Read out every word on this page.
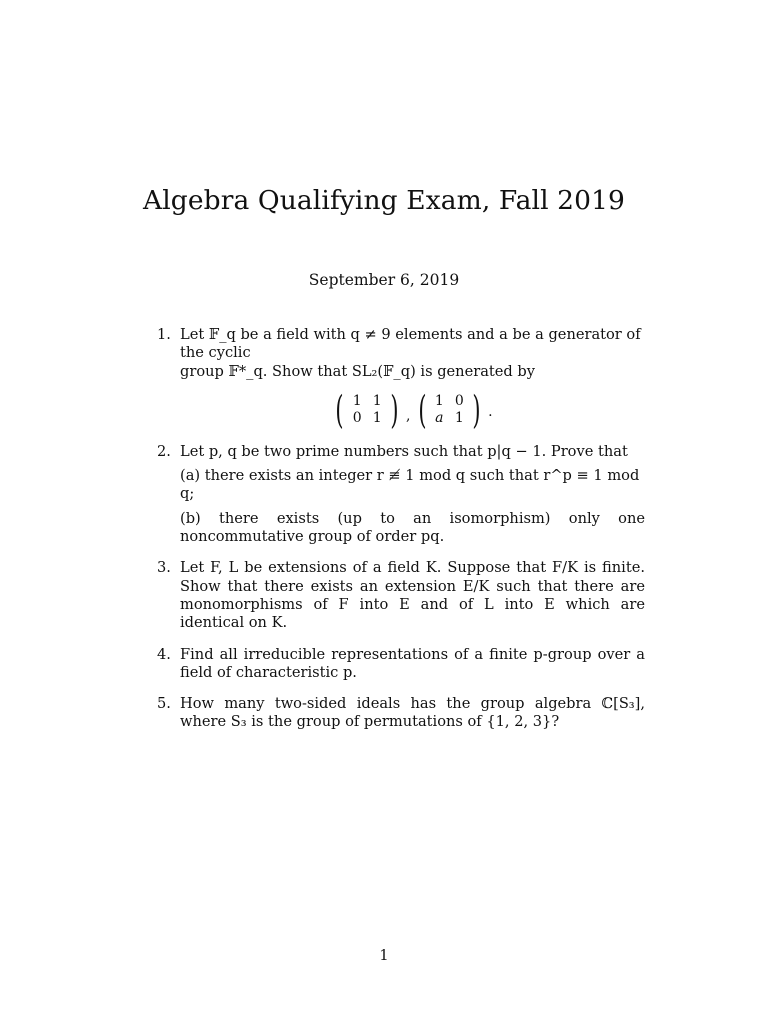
Algebra Qualifying Exam, Fall 2019
September 6, 2019
1. Let 𝔽_q be a field with q ≠ 9 elements and a be a generator of the cyclic
group 𝔽*_q. Show that SL₂(𝔽_q) is generated by
( 1 1
0 1 ) , ( 1 0
a 1 ) .
2. Let p, q be two prime numbers such that p|q − 1. Prove that
(a) there exists an integer r ≢ 1 mod q such that r^p ≡ 1 mod q;
(b) there exists (up to an isomorphism) only one noncommutative group of order pq.
3. Let F, L be extensions of a field K. Suppose that F/K is finite. Show that there exists an extension E/K such that there are monomorphisms of F into E and of L into E which are identical on K.
4. Find all irreducible representations of a finite p-group over a field of characteristic p.
5. How many two-sided ideals has the group algebra ℂ[S₃], where S₃ is the group of permutations of {1, 2, 3}?
1
